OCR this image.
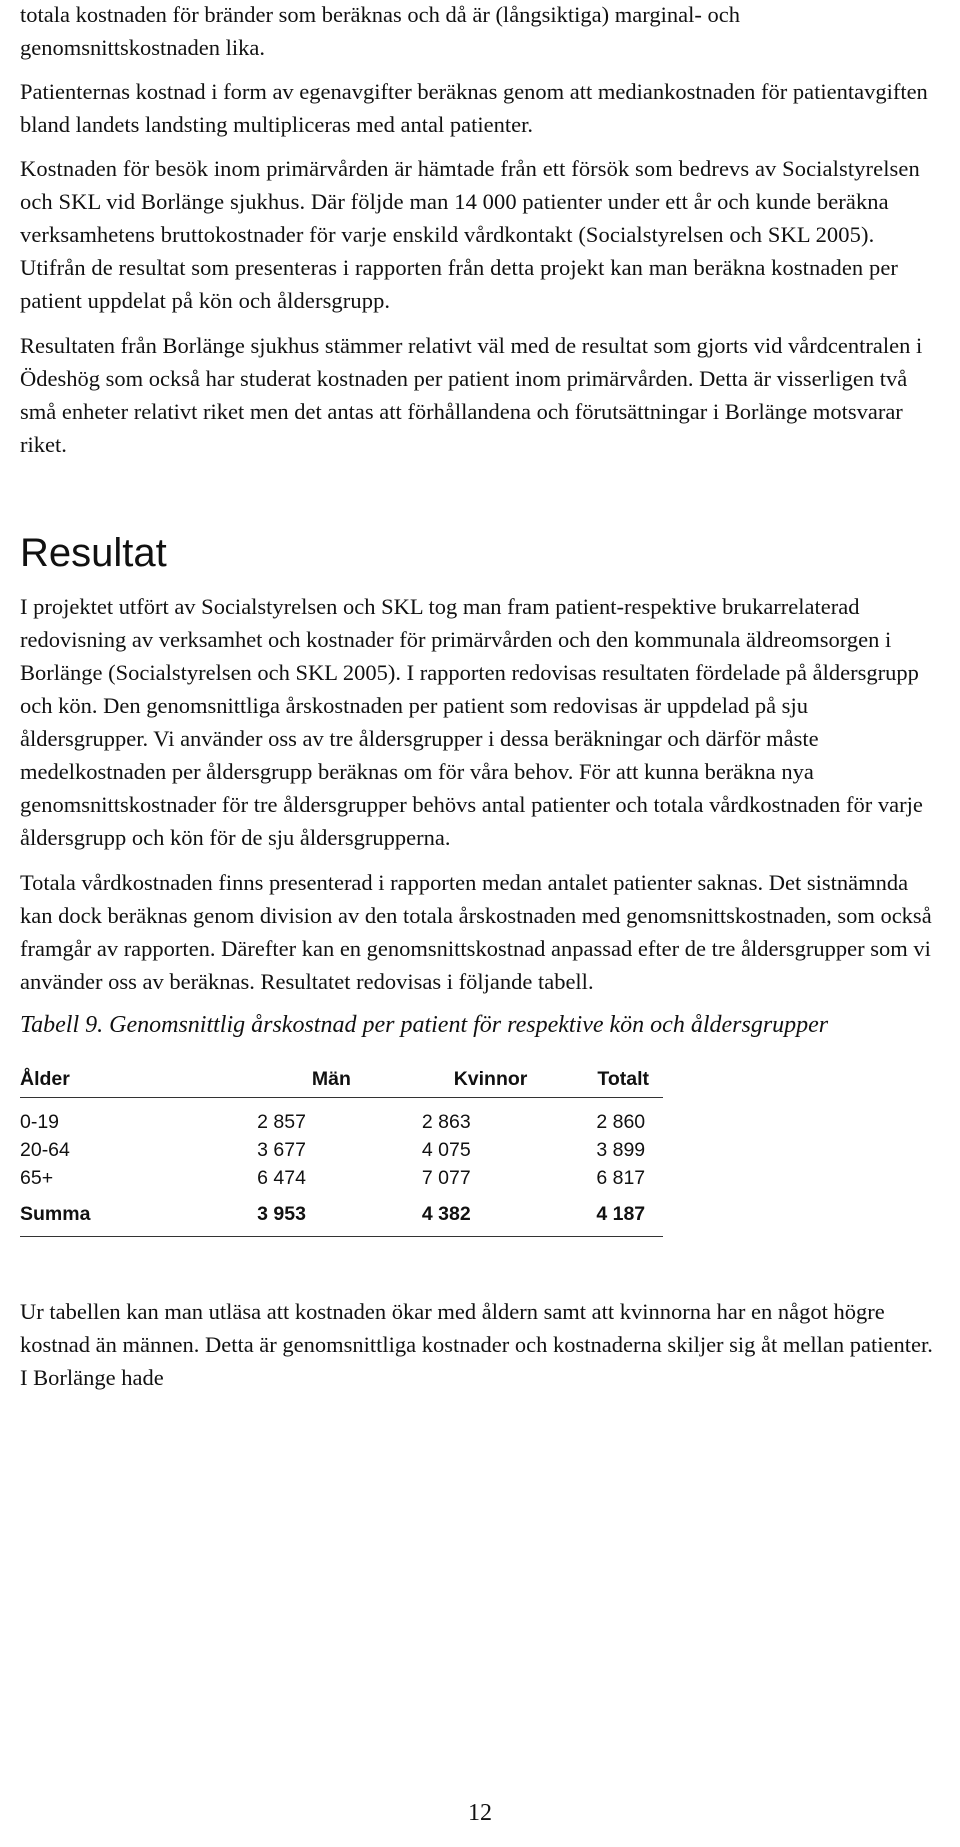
totala kostnaden för bränder som beräknas och då är (långsiktiga) marginal- och genomsnittskostnaden lika.

Patienternas kostnad i form av egenavgifter beräknas genom att mediankostnaden för patientavgiften bland landets landsting multipliceras med antal patienter.

Kostnaden för besök inom primärvården är hämtade från ett försök som bedrevs av Socialstyrelsen och SKL vid Borlänge sjukhus. Där följde man 14 000 patienter under ett år och kunde beräkna verksamhetens bruttokostnader för varje enskild vårdkontakt (Socialstyrelsen och SKL 2005). Utifrån de resultat som presenteras i rapporten från detta projekt kan man beräkna kostnaden per patient uppdelat på kön och åldersgrupp.

Resultaten från Borlänge sjukhus stämmer relativt väl med de resultat som gjorts vid vårdcentralen i Ödeshög som också har studerat kostnaden per patient inom primärvården. Detta är visserligen två små enheter relativt riket men det antas att förhållandena och förutsättningar i Borlänge motsvarar riket.

Resultat

I projektet utfört av Socialstyrelsen och SKL tog man fram patient-respektive brukarrelaterad redovisning av verksamhet och kostnader för primärvården och den kommunala äldreomsorgen i Borlänge (Socialstyrelsen och SKL 2005). I rapporten redovisas resultaten fördelade på åldersgrupp och kön. Den genomsnittliga årskostnaden per patient som redovisas är uppdelad på sju åldersgrupper. Vi använder oss av tre åldersgrupper i dessa beräkningar och därför måste medelkostnaden per åldersgrupp beräknas om för våra behov. För att kunna beräkna nya genomsnittskostnader för tre åldersgrupper behövs antal patienter och totala vårdkostnaden för varje åldersgrupp och kön för de sju åldersgrupperna.

Totala vårdkostnaden finns presenterad i rapporten medan antalet patienter saknas. Det sistnämnda kan dock beräknas genom division av den totala årskostnaden med genomsnittskostnaden, som också framgår av rapporten. Därefter kan en genomsnittskostnad anpassad efter de tre åldersgrupper som vi använder oss av beräknas. Resultatet redovisas i följande tabell.

Tabell 9. Genomsnittlig årskostnad per patient för respektive kön och åldersgrupper

Ålder	Män	Kvinnor	Totalt
0-19	2 857	2 863	2 860
20-64	3 677	4 075	3 899
65+	6 474	7 077	6 817
Summa	3 953	4 382	4 187

Ur tabellen kan man utläsa att kostnaden ökar med åldern samt att kvinnorna har en något högre kostnad än männen. Detta är genomsnittliga kostnader och kostnaderna skiljer sig åt mellan patienter. I Borlänge hade

12
